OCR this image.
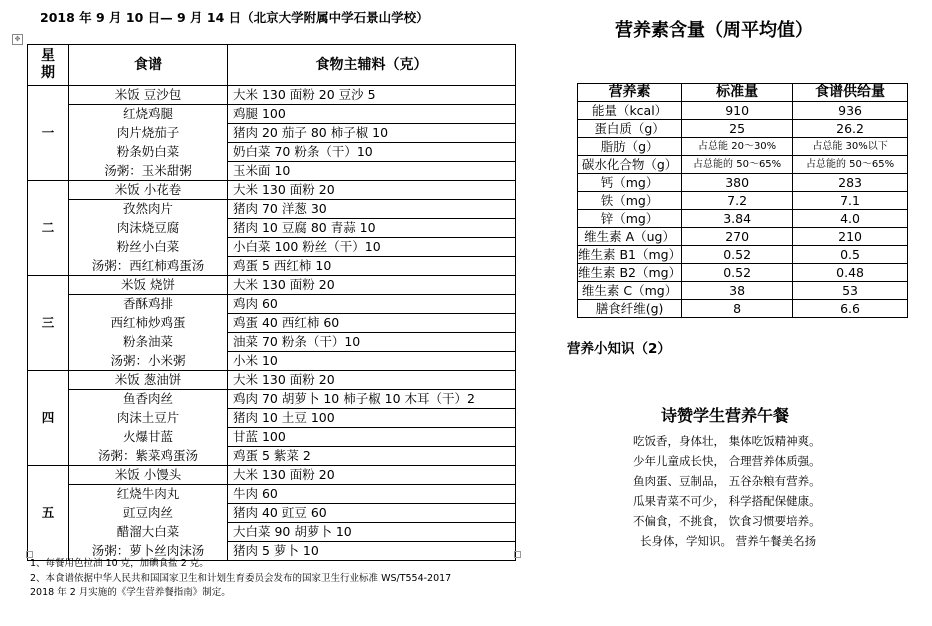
2018 年 9 月 10 日— 9 月 14 日（北京大学附属中学石景山学校）
✥
星期	食谱	食物主辅料（克）
一	米饭 豆沙包	大米 130 面粉 20 豆沙 5
	红烧鸡腿	鸡腿 100
	肉片烧茄子	猪肉 20 茄子 80 柿子椒 10
	粉条奶白菜	奶白菜 70 粉条（干）10
	汤粥：玉米甜粥	玉米面 10
二	米饭 小花卷	大米 130 面粉 20
	孜然肉片	猪肉 70 洋葱 30
	肉沫烧豆腐	猪肉 10 豆腐 80 青蒜 10
	粉丝小白菜	小白菜 100 粉丝（干）10
	汤粥：西红柿鸡蛋汤	鸡蛋 5 西红柿 10
三	米饭 烧饼	大米 130 面粉 20
	香酥鸡排	鸡肉 60
	西红柿炒鸡蛋	鸡蛋 40 西红柿 60
	粉条油菜	油菜 70 粉条（干）10
	汤粥：小米粥	小米 10
四	米饭 葱油饼	大米 130 面粉 20
	鱼香肉丝	鸡肉 70 胡萝卜 10 柿子椒 10 木耳（干）2
	肉沫土豆片	猪肉 10 土豆 100
	火爆甘蓝	甘蓝 100
	汤粥：紫菜鸡蛋汤	鸡蛋 5 紫菜 2
五	米饭 小馒头	大米 130 面粉 20
	红烧牛肉丸	牛肉 60
	豇豆肉丝	猪肉 40 豇豆 60
	醋溜大白菜	大白菜 90 胡萝卜 10
	汤粥：萝卜丝肉沫汤	猪肉 5 萝卜 10
1、每餐用色拉油 10 克，加碘食盐 2 克。
2、本食谱依据中华人民共和国国家卫生和计划生育委员会发布的国家卫生行业标准 WS/T554-2017
2018 年 2 月实施的《学生营养餐指南》制定。
营养素含量（周平均值）
营养素	标准量	食谱供给量
能量（kcal）	910	936
蛋白质（g）	25	26.2
脂肪（g）	占总能 20～30%	占总能 30%以下
碳水化合物（g）	占总能的 50～65%	占总能的 50～65%
钙（mg）	380	283
铁（mg）	7.2	7.1
锌（mg）	3.84	4.0
维生素 A（ug）	270	210
维生素 B1（mg）	0.52	0.5
维生素 B2（mg）	0.52	0.48
维生素 C（mg）	38	53
膳食纤维(g)	8	6.6
营养小知识（2）
诗赞学生营养午餐
吃饭香，身体壮， 集体吃饭精神爽。
少年儿童成长快， 合理营养体质强。
鱼肉蛋、豆制品， 五谷杂粮有营养。
瓜果青菜不可少， 科学搭配保健康。
不偏食，不挑食， 饮食习惯要培养。
长身体，学知识。 营养午餐美名扬
